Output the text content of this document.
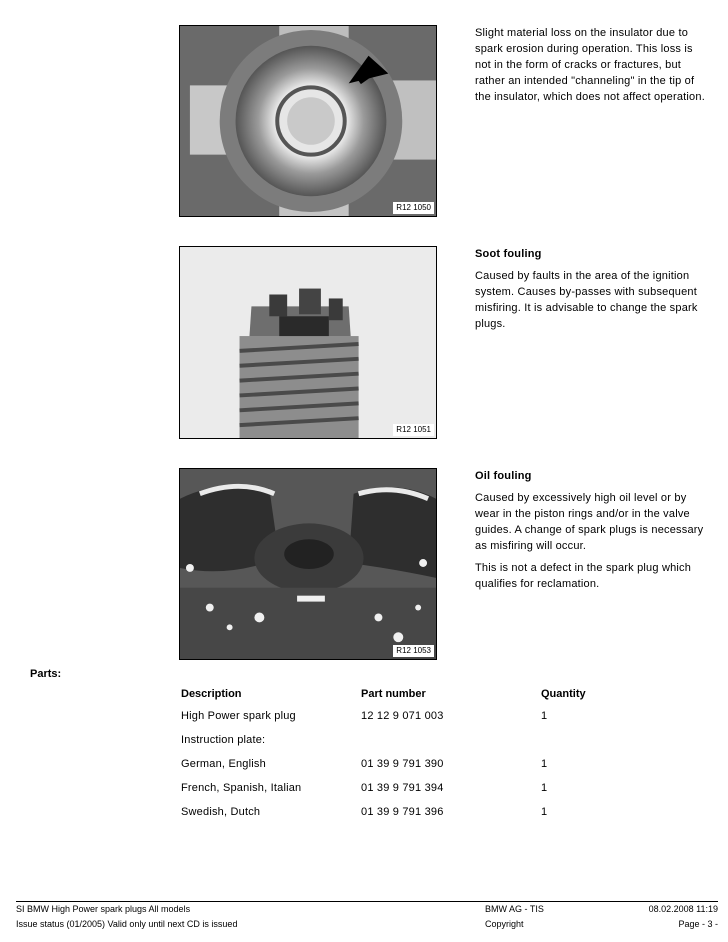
R12 1050

Slight material loss on the insulator due to spark erosion during operation. This loss is not in the form of cracks or fractures, but rather an intended "channeling" in the tip of the insulator, which does not affect operation.

R12 1051
Soot fouling

Caused by faults in the area of the ignition system. Causes by-passes with subsequent misfiring. It is advisable to change the spark plugs.

R12 1053
Oil fouling

Caused by excessively high oil level or by wear in the piston rings and/or in the valve guides. A change of spark plugs is necessary as misfiring will occur.

This is not a defect in the spark plug which qualifies for reclamation.

Parts:
Description	Part number	Quantity
High Power spark plug	12 12 9 071 003	1
Instruction plate:		
German, English	01 39 9 791 390	1
French, Spanish, Italian	01 39 9 791 394	1
Swedish, Dutch	01 39 9 791 396	1
SI BMW High Power spark plugs All models
Issue status (01/2005) Valid only until next CD is issued
BMW AG - TIS
Copyright
08.02.2008 11:19
Page - 3 -
